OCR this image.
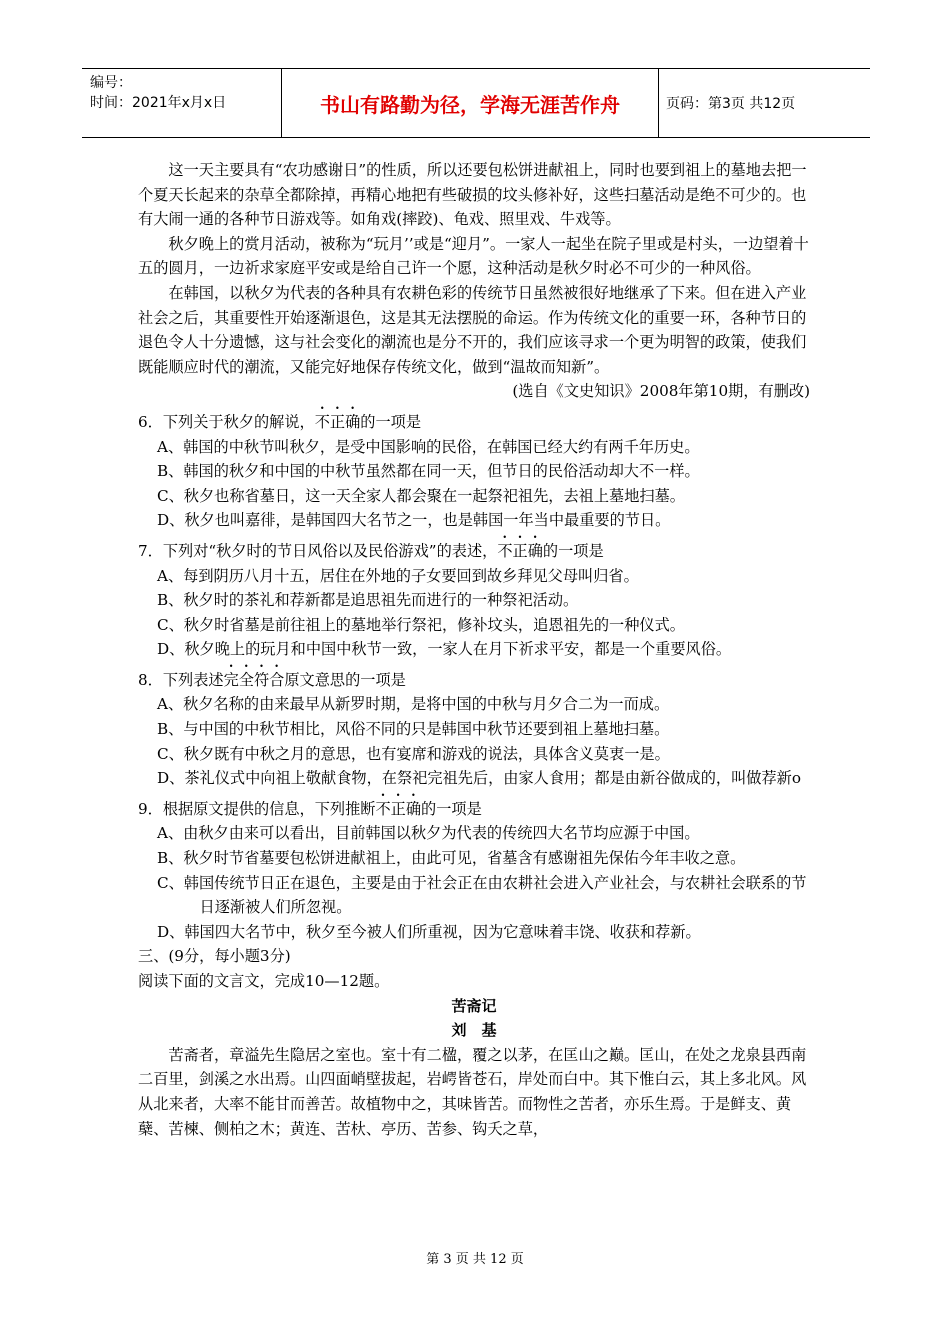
编号：
时间：2021年x月x日	书山有路勤为径，学海无涯苦作舟	页码：第3页 共12页

这一天主要具有“农功感谢日”的性质，所以还要包松饼进献祖上，同时也要到祖上的墓地去把一个夏天长起来的杂草全都除掉，再精心地把有些破损的坟头修补好，这些扫墓活动是绝不可少的。也有大闹一通的各种节日游戏等。如角戏(摔跤)、龟戏、照里戏、牛戏等。

秋夕晚上的赏月活动，被称为“玩月’’或是“迎月”。一家人一起坐在院子里或是村头，一边望着十五的圆月，一边祈求家庭平安或是给自己许一个愿，这种活动是秋夕时必不可少的一种风俗。

在韩国，以秋夕为代表的各种具有农耕色彩的传统节日虽然被很好地继承了下来。但在进入产业社会之后，其重要性开始逐渐退色，这是其无法摆脱的命运。作为传统文化的重要一环，各种节日的退色令人十分遗憾，这与社会变化的潮流也是分不开的，我们应该寻求一个更为明智的政策，使我们既能顺应时代的潮流，又能完好地保存传统文化，做到“温故而知新”。

(选自《文史知识》2008年第10期，有删改)

6．下列关于秋夕的解说，不正确的一项是

A、韩国的中秋节叫秋夕，是受中国影响的民俗，在韩国已经大约有两千年历史。

B、韩国的秋夕和中国的中秋节虽然都在同一天，但节日的民俗活动却大不一样。

C、秋夕也称省墓日，这一天全家人都会聚在一起祭祀祖先，去祖上墓地扫墓。

D、秋夕也叫嘉徘，是韩国四大名节之一，也是韩国一年当中最重要的节日。

7．下列对“秋夕时的节日风俗以及民俗游戏”的表述，不正确的一项是

A、每到阴历八月十五，居住在外地的子女要回到故乡拜见父母叫归省。

B、秋夕时的茶礼和荐新都是追思祖先而进行的一种祭祀活动。

C、秋夕时省墓是前往祖上的墓地举行祭祀，修补坟头，追恩祖先的一种仪式。

D、秋夕晚上的玩月和中国中秋节一致，一家人在月下祈求平安，都是一个重要风俗。

8．下列表述完全符合原文意思的一项是

A、秋夕名称的由来最早从新罗时期，是将中国的中秋与月夕合二为一而成。

B、与中国的中秋节相比，风俗不同的只是韩国中秋节还要到祖上墓地扫墓。

C、秋夕既有中秋之月的意思，也有宴席和游戏的说法，具体含义莫衷一是。

D、茶礼仪式中向祖上敬献食物，在祭祀完祖先后，由家人食用；都是由新谷做成的，叫做荐新o

9．根据原文提供的信息，下列推断不正确的一项是

A、由秋夕由来可以看出，目前韩国以秋夕为代表的传统四大名节均应源于中国。

B、秋夕时节省墓要包松饼进献祖上，由此可见，省墓含有感谢祖先保佑今年丰收之意。

C、韩国传统节日正在退色，主要是由于社会正在由农耕社会进入产业社会，与农耕社会联系的节日逐渐被人们所忽视。

D、韩国四大名节中，秋夕至今被人们所重视，因为它意味着丰饶、收获和荐新。

三、(9分，每小题3分)

阅读下面的文言文，完成10—12题。

苦斋记

刘　基

苦斋者，章溢先生隐居之室也。室十有二楹，覆之以茅，在匡山之巅。匡山，在处之龙泉县西南二百里，剑溪之水出焉。山四面峭壁拔起，岩崿皆苍石，岸处而白中。其下惟白云，其上多北风。风从北来者，大率不能甘而善苦。故植物中之，其味皆苦。而物性之苦者，亦乐生焉。于是鲜支、黄蘖、苦楝、侧柏之木；黄连、苦杕、亭历、苦参、钩夭之草，

第 3 页 共 12 页
